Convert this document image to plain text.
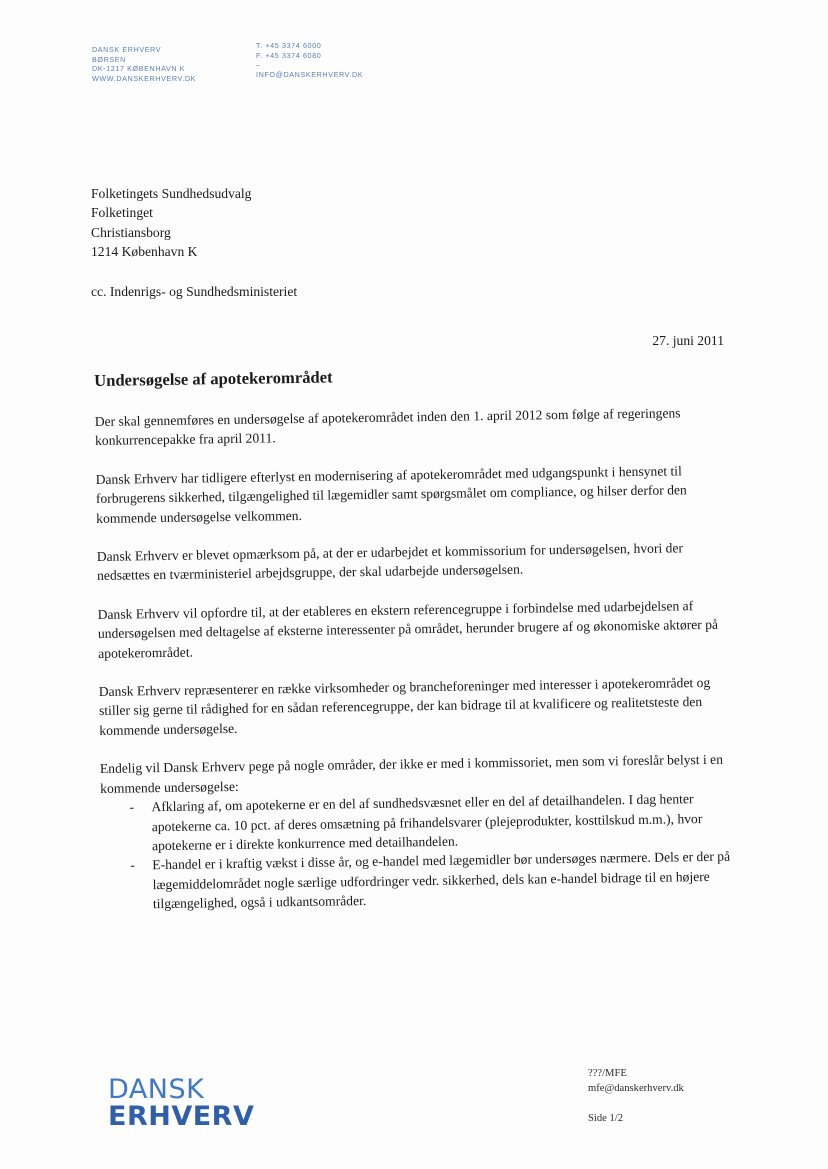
DANSK ERHVERV
BØRSEN
DK-1217 KØBENHAVN K
WWW.DANSKERHVERV.DK
T. +45 3374 6000
F. +45 3374 6080
–
INFO@DANSKERHVERV.DK
Folketingets Sundhedsudvalg
Folketinget
Christiansborg
1214 København K
cc. Indenrigs- og Sundhedsministeriet
27. juni 2011
Undersøgelse af apotekerområdet
Der skal gennemføres en undersøgelse af apotekerområdet inden den 1. april 2012 som følge af regeringens konkurrencepakke fra april 2011.
Dansk Erhverv har tidligere efterlyst en modernisering af apotekerområdet med udgangspunkt i hensynet til forbrugerens sikkerhed, tilgængelighed til lægemidler samt spørgsmålet om compliance, og hilser derfor den kommende undersøgelse velkommen.
Dansk Erhverv er blevet opmærksom på, at der er udarbejdet et kommissorium for undersøgelsen, hvori der nedsættes en tværministeriel arbejdsgruppe, der skal udarbejde undersøgelsen.
Dansk Erhverv vil opfordre til, at der etableres en ekstern referencegruppe i forbindelse med udarbejdelsen af undersøgelsen med deltagelse af eksterne interessenter på området, herunder brugere af og økonomiske aktører på apotekerområdet.
Dansk Erhverv repræsenterer en række virksomheder og brancheforeninger med interesser i apotekerområdet og stiller sig gerne til rådighed for en sådan referencegruppe, der kan bidrage til at kvalificere og realitetsteste den kommende undersøgelse.
Endelig vil Dansk Erhverv pege på nogle områder, der ikke er med i kommissoriet, men som vi foreslår belyst i en kommende undersøgelse:
- Afklaring af, om apotekerne er en del af sundhedsvæsnet eller en del af detailhandelen. I dag henter apotekerne ca. 10 pct. af deres omsætning på frihandelsvarer (plejeprodukter, kosttilskud m.m.), hvor apotekerne er i direkte konkurrence med detailhandelen.
- E-handel er i kraftig vækst i disse år, og e-handel med lægemidler bør undersøges nærmere. Dels er der på lægemiddelområdet nogle særlige udfordringer vedr. sikkerhed, dels kan e-handel bidrage til en højere tilgængelighed, også i udkantsområder.
???/MFE
mfe@danskerhverv.dk
Side 1/2
DANSK
ERHVERV
